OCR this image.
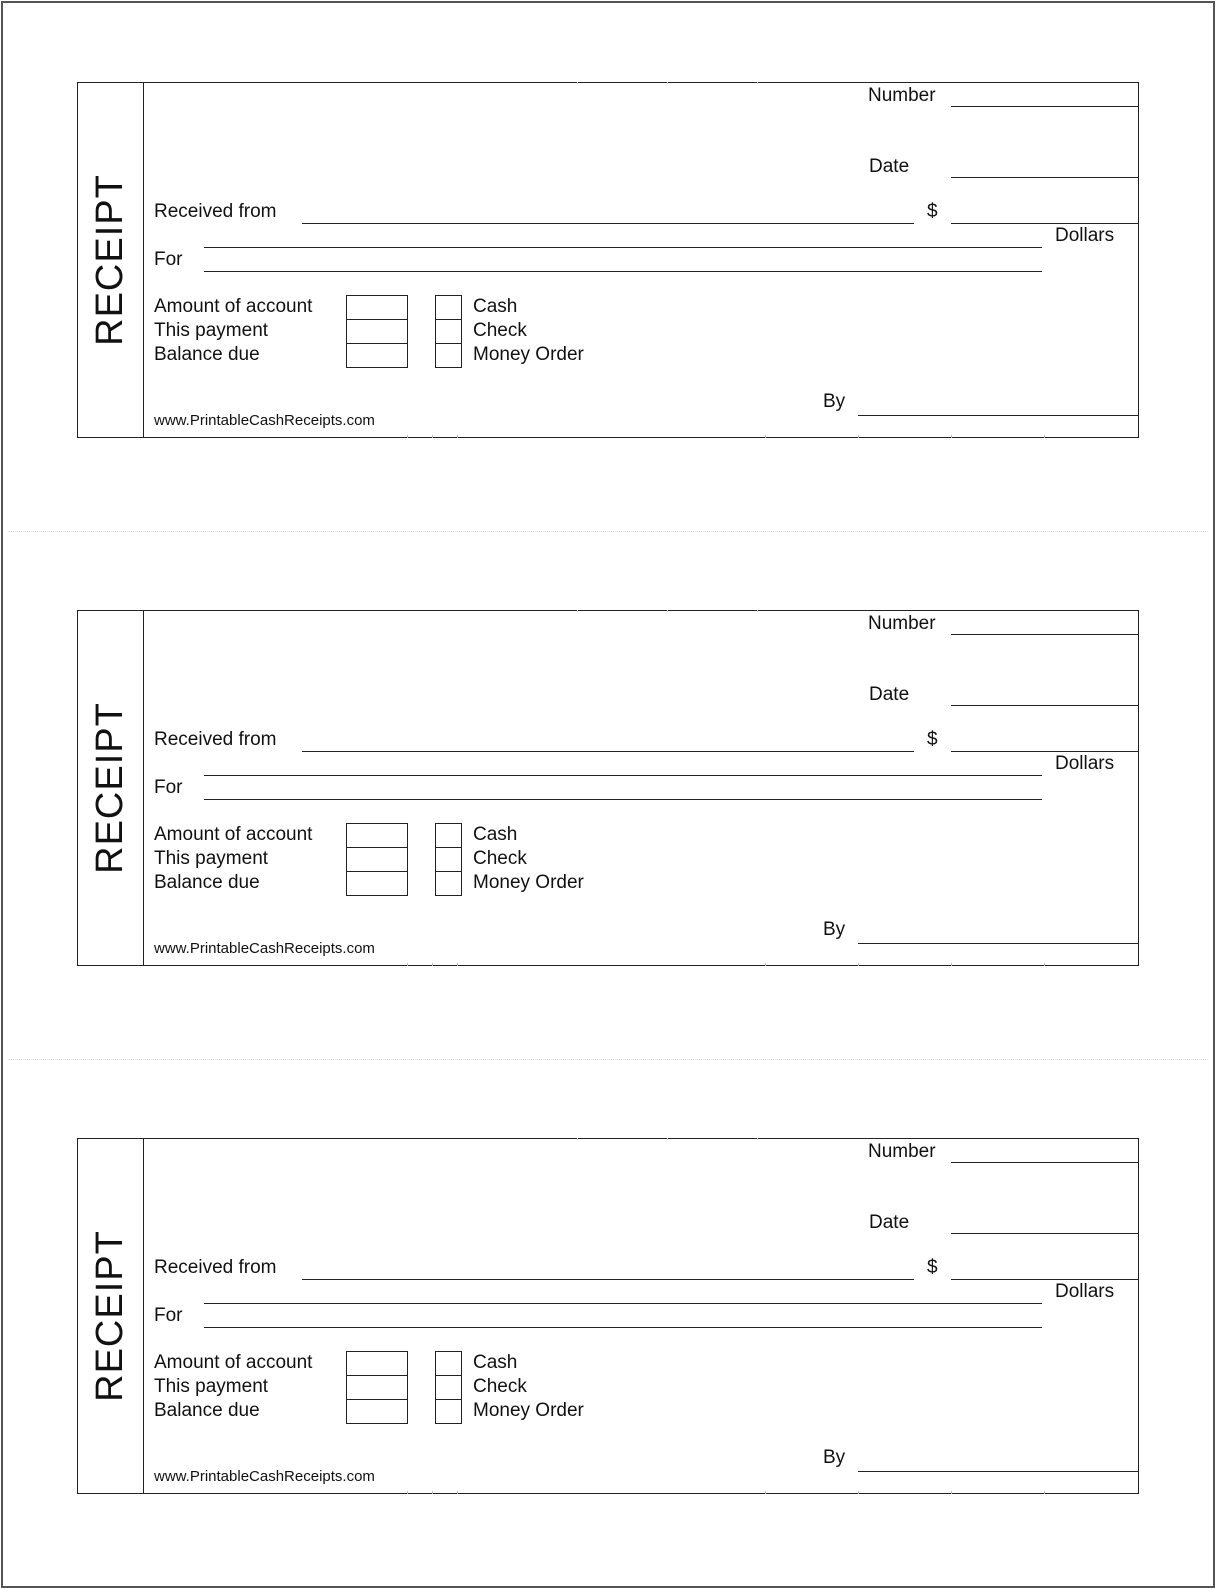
RECEIPT
Number
Date
Received from	$
Dollars
For
Amount of account
This payment
Balance due
Cash
Check
Money Order
By
www.PrintableCashReceipts.com
RECEIPT
Number
Date
Received from	$
Dollars
For
Amount of account
This payment
Balance due
Cash
Check
Money Order
By
www.PrintableCashReceipts.com
RECEIPT
Number
Date
Received from	$
Dollars
For
Amount of account
This payment
Balance due
Cash
Check
Money Order
By
www.PrintableCashReceipts.com
